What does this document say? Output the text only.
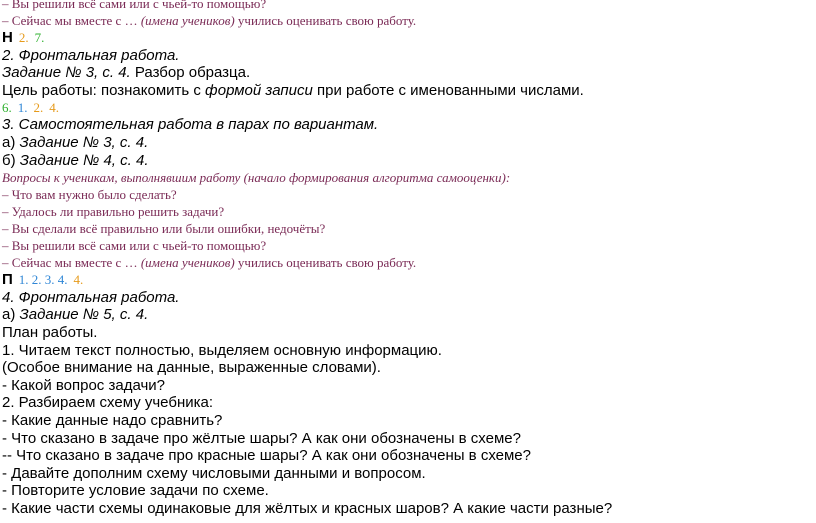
– Вы решили всё сами или с чьей-то помощью?

– Сейчас мы вместе с … (имена учеников) учились оценивать свою работу.

Н 2. 7.

2. Фронтальная работа.

Задание № 3, с. 4. Разбор образца.

Цель работы: познакомить с формой записи при работе с именованными числами.

6. 1. 2. 4.

3. Самостоятельная работа в парах по вариантам.

а) Задание № 3, с. 4.

б) Задание № 4, с. 4.

Вопросы к ученикам, выполнявшим работу (начало формирования алгоритма самооценки):

– Что вам нужно было сделать?

– Удалось ли правильно решить задачи?

– Вы сделали всё правильно или были ошибки, недочёты?

– Вы решили всё сами или с чьей-то помощью?

– Сейчас мы вместе с … (имена учеников) учились оценивать свою работу.

П 1. 2. 3. 4. 4.

4. Фронтальная работа.

а) Задание № 5, с. 4.

План работы.

1. Читаем текст полностью, выделяем основную информацию.

(Особое внимание на данные, выраженные словами).

- Какой вопрос задачи?

2. Разбираем схему учебника:

- Какие данные надо сравнить?

- Что сказано в задаче про жёлтые шары? А как они обозначены в схеме?

-- Что сказано в задаче про красные шары? А как они обозначены в схеме?

- Давайте дополним схему числовыми данными и вопросом.

- Повторите условие задачи по схеме.

- Какие части схемы одинаковые для жёлтых и красных шаров? А какие части разные?
